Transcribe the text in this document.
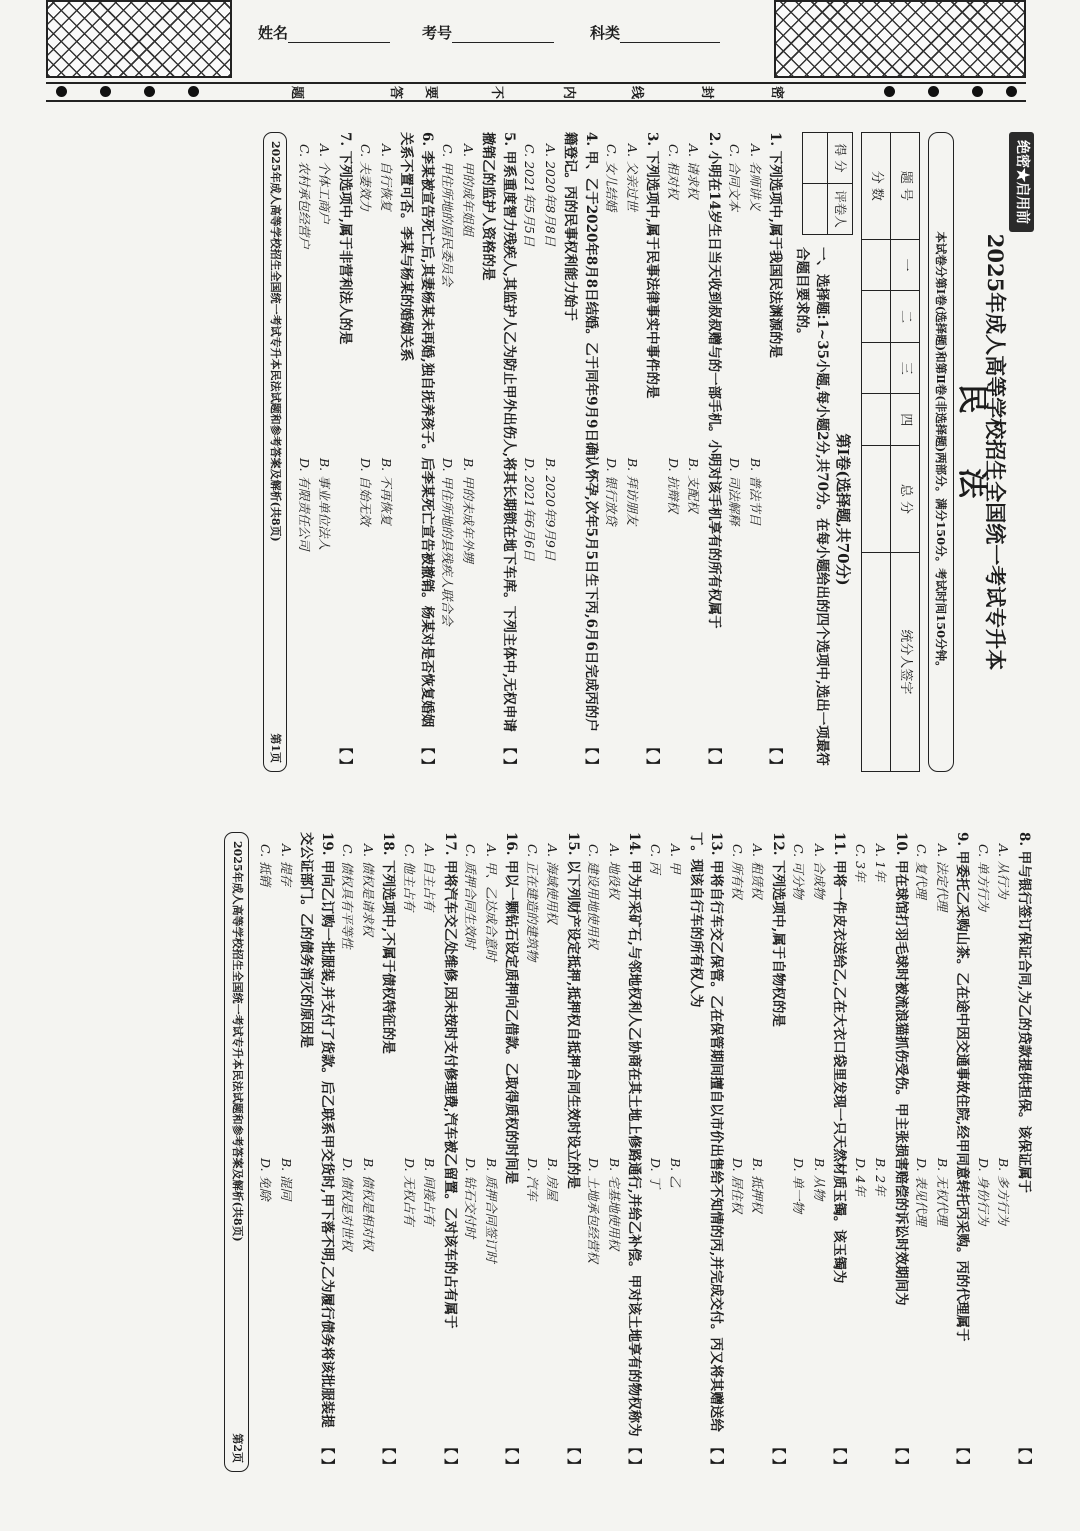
姓名	考号	科类
题	答	要	不	内	线	封	密
绝密★启用前
2025年成人高等学校招生全国统一考试专升本
民 法
本试卷分第Ⅰ卷(选择题)和第Ⅱ卷(非选择题)两部分。满分150分。考试时间150分钟。
题 号	一	二	三	四	总 分	统分人签字
分 数						
得 分	评卷人

第Ⅰ卷(选择题,共70分)
一、选择题:1~35小题,每小题2分,共70分。在每小题给出的四个选项中,选出一项最符合题目要求的。
1. 下列选项中,属于我国民法渊源的是
【 】
A. 名师讲义
B. 普法节目
C. 合同文本
D. 司法解释
2. 小明在14岁生日当天收到叔叔赠与的一部手机。小明对该手机享有的所有权属于
【 】
A. 请求权
B. 支配权
C. 相对权
D. 抗辩权
3. 下列选项中,属于民事法律事实中事件的是
【 】
A. 父亲过世
B. 拜访朋友
C. 女儿结婚
D. 银行放贷
4. 甲、乙于2020年8月8日结婚。乙于同年9月9日确认怀孕,次年5月5日生下丙,6月6日完成丙的户籍登记。丙的民事权利能力始于
【 】
A. 2020年8月8日
B. 2020年9月9日
C. 2021年5月5日
D. 2021年6月6日
5. 甲系重度智力残疾人,其监护人乙为防止甲外出伤人,将其长期锁在地下车库。下列主体中,无权申请撤销乙的监护人资格的是
【 】
A. 甲的成年姐姐
B. 甲的未成年外甥
C. 甲住所地的居民委员会
D. 甲住所地的县残疾人联合会
6. 李某被宣告死亡后,其妻杨某未再婚,独自抚养孩子。后李某死亡宣告被撤销。杨某对是否恢复婚姻关系不置可否。李某与杨某的婚姻关系
【 】
A. 自行恢复
B. 不再恢复
C. 夫妻效力
D. 自始无效
7. 下列选项中,属于非营利法人的是
【 】
A. 个体工商户
B. 事业单位法人
C. 农村承包经营户
D. 有限责任公司
2025年成人高等学校招生全国统一考试专升本民法试题和参考答案及解析(共8页)
第1页
8. 甲与银行签订保证合同,为乙的贷款提供担保。该保证属于
【 】
A. 从行为
B. 多方行为
C. 单方行为
D. 身份行为
9. 甲委托乙采购山茶。乙在途中因交通事故住院,经甲同意转托丙采购。丙的代理属于
【 】
A. 法定代理
B. 无权代理
C. 复代理
D. 表见代理
10. 甲在球馆打羽毛球时被流浪猫抓伤受伤。甲主张损害赔偿的诉讼时效期间为
【 】
A. 1年
B. 2年
C. 3年
D. 4年
11. 甲将一件皮衣送给乙,乙在大衣口袋里发现一只天然材质玉镯。该玉镯为
【 】
A. 合成物
B. 从物
C. 可分物
D. 单一物
12. 下列选项中,属于自物权的是
【 】
A. 租赁权
B. 抵押权
C. 所有权
D. 居住权
13. 甲将自行车交乙保管。乙在保管期间擅自以市价出售给不知情的丙,并完成交付。丙又将其赠送给丁。现该自行车的所有权人为
【 】
A. 甲
B. 乙
C. 丙
D. 丁
14. 甲为开采矿石,与邻地权利人乙协商在其土地上修路通行,并给乙补偿。甲对该土地享有的物权称为
【 】
A. 地役权
B. 宅基地使用权
C. 建设用地使用权
D. 土地承包经营权
15. 以下列财产设定抵押,抵押权自抵押合同生效时设立的是
【 】
A. 海域使用权
B. 房屋
C. 正在建造的建筑物
D. 汽车
16. 甲以一颗钻石设定质押向乙借款。乙取得质权的时间是
【 】
A. 甲、乙达成合意时
B. 质押合同签订时
C. 质押合同生效时
D. 钻石交付时
17. 甲将汽车交乙处维修,因未按时支付修理费,汽车被乙留置。乙对该车的占有属于
【 】
A. 自主占有
B. 间接占有
C. 他主占有
D. 无权占有
18. 下列选项中,不属于债权特征的是
【 】
A. 债权是请求权
B. 债权是相对权
C. 债权具有平等性
D. 债权是对世权
19. 甲向乙订购一批服装,并支付了货款。后乙联系甲交货时,甲下落不明,乙为履行债务将该批服装提交公证部门。乙的债务消灭的原因是
【 】
A. 提存
B. 混同
C. 抵销
D. 免除
2025年成人高等学校招生全国统一考试专升本民法试题和参考答案及解析(共8页)
第2页
